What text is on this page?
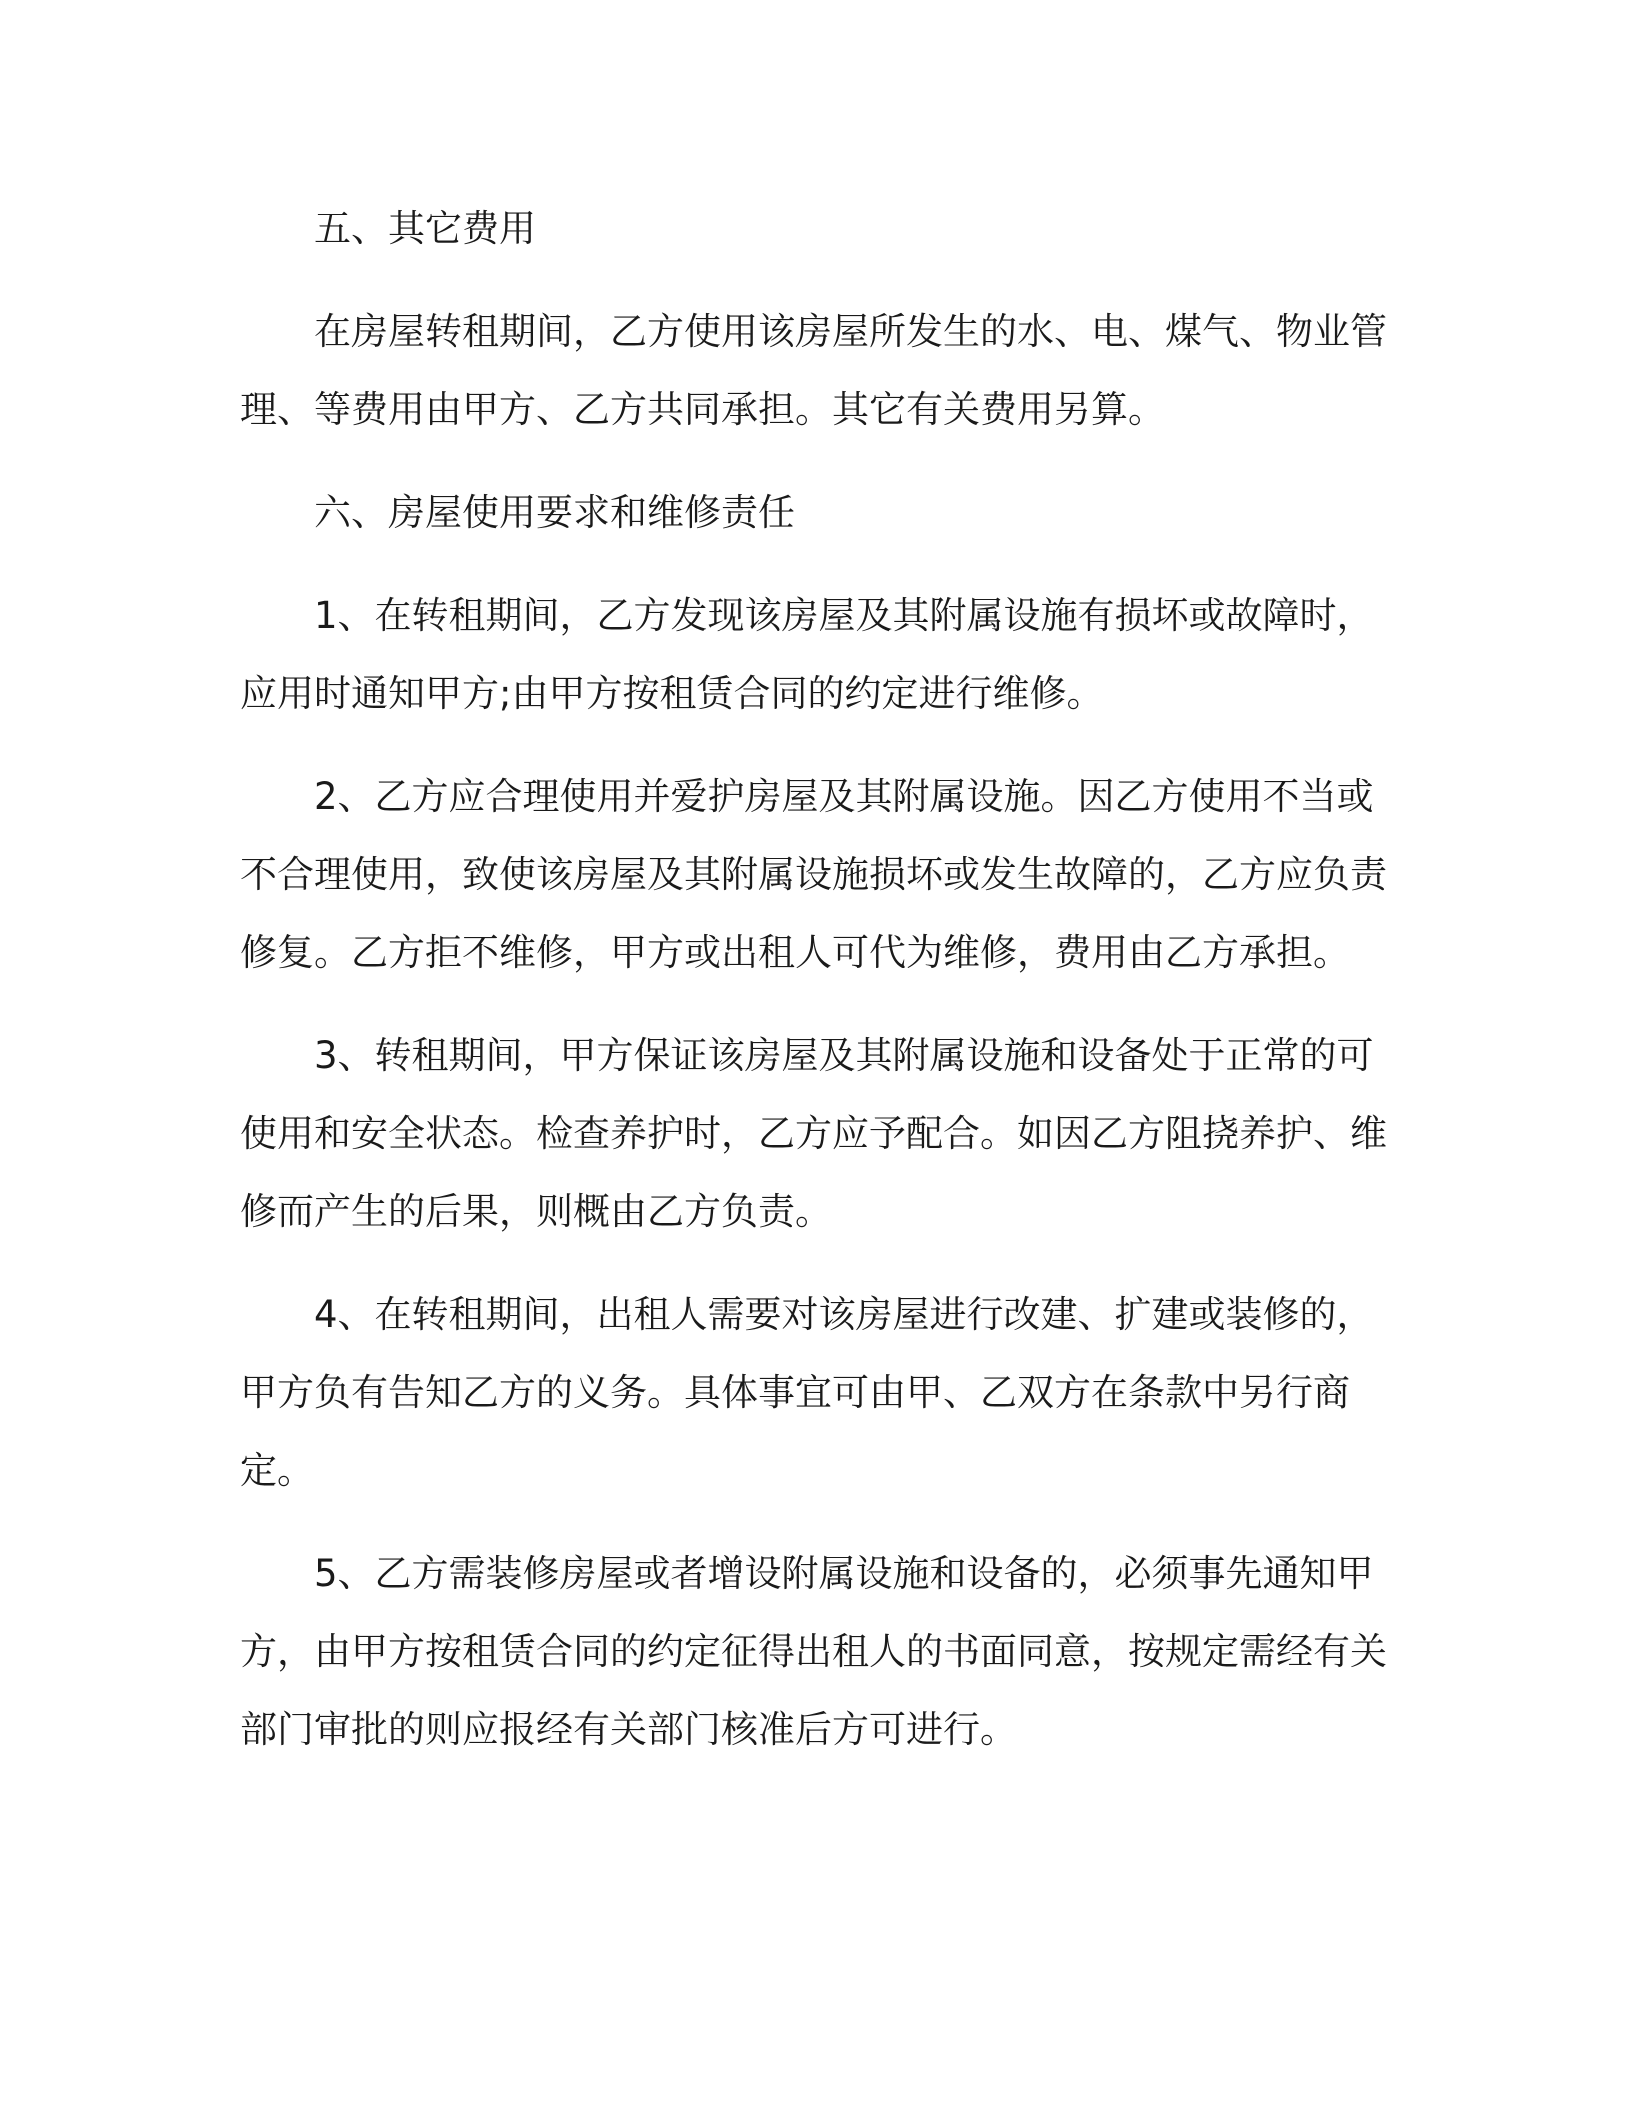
五、其它费用

在房屋转租期间，乙方使用该房屋所发生的水、电、煤气、物业管理、等费用由甲方、乙方共同承担。其它有关费用另算。

六、房屋使用要求和维修责任

1、在转租期间，乙方发现该房屋及其附属设施有损坏或故障时，应用时通知甲方;由甲方按租赁合同的约定进行维修。

2、乙方应合理使用并爱护房屋及其附属设施。因乙方使用不当或不合理使用，致使该房屋及其附属设施损坏或发生故障的，乙方应负责修复。乙方拒不维修，甲方或出租人可代为维修，费用由乙方承担。

3、转租期间，甲方保证该房屋及其附属设施和设备处于正常的可使用和安全状态。检查养护时，乙方应予配合。如因乙方阻挠养护、维修而产生的后果，则概由乙方负责。

4、在转租期间，出租人需要对该房屋进行改建、扩建或装修的，甲方负有告知乙方的义务。具体事宜可由甲、乙双方在条款中另行商定。

5、乙方需装修房屋或者增设附属设施和设备的，必须事先通知甲方，由甲方按租赁合同的约定征得出租人的书面同意，按规定需经有关部门审批的则应报经有关部门核准后方可进行。
